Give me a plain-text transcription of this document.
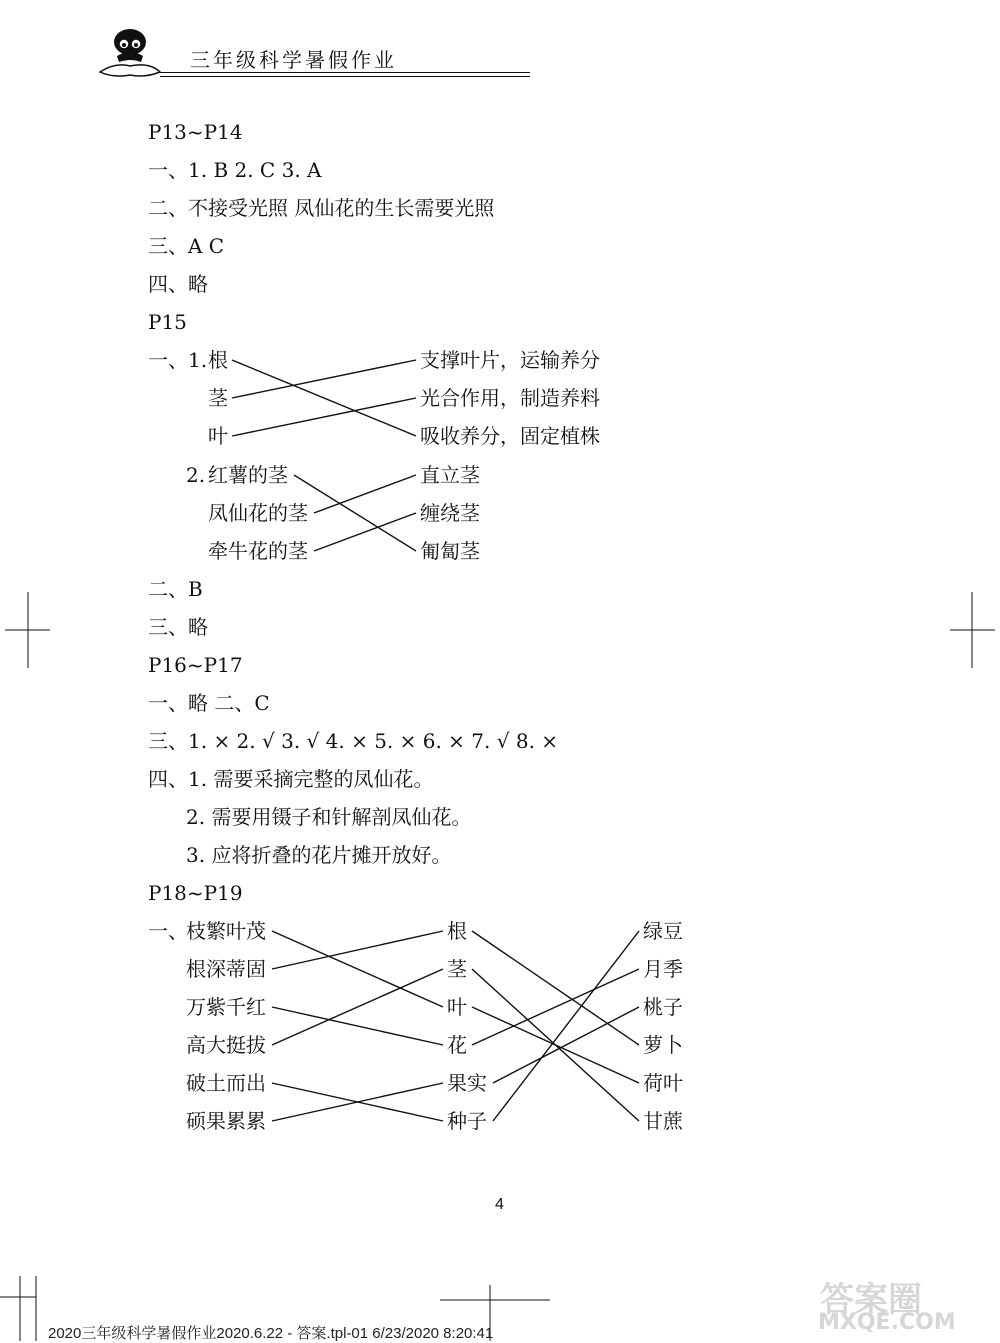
三年级科学暑假作业
P13~P14
一、1. B 2. C 3. A
二、不接受光照 凤仙花的生长需要光照
三、A C
四、略
P15
一、1. 根
茎
叶
支撑叶片，运输养分
光合作用，制造养料
吸收养分，固定植株
2. 红薯的茎
凤仙花的茎
牵牛花的茎
直立茎
缠绕茎
匍匐茎
二、B
三、略
P16~P17
一、略 二、C
三、1. × 2. √ 3. √ 4. × 5. × 6. × 7. √ 8. ×
四、1. 需要采摘完整的凤仙花。
2. 需要用镊子和针解剖凤仙花。
3. 应将折叠的花片摊开放好。
P18~P19
一、
枝繁叶茂
根深蒂固
万紫千红
高大挺拔
破土而出
硕果累累
根
茎
叶
花
果实
种子
绿豆
月季
桃子
萝卜
荷叶
甘蔗
4
2020三年级科学暑假作业2020.6.22 - 答案.tpl-01 6/23/2020 8:20:41
答案圈
MXQE.COM
